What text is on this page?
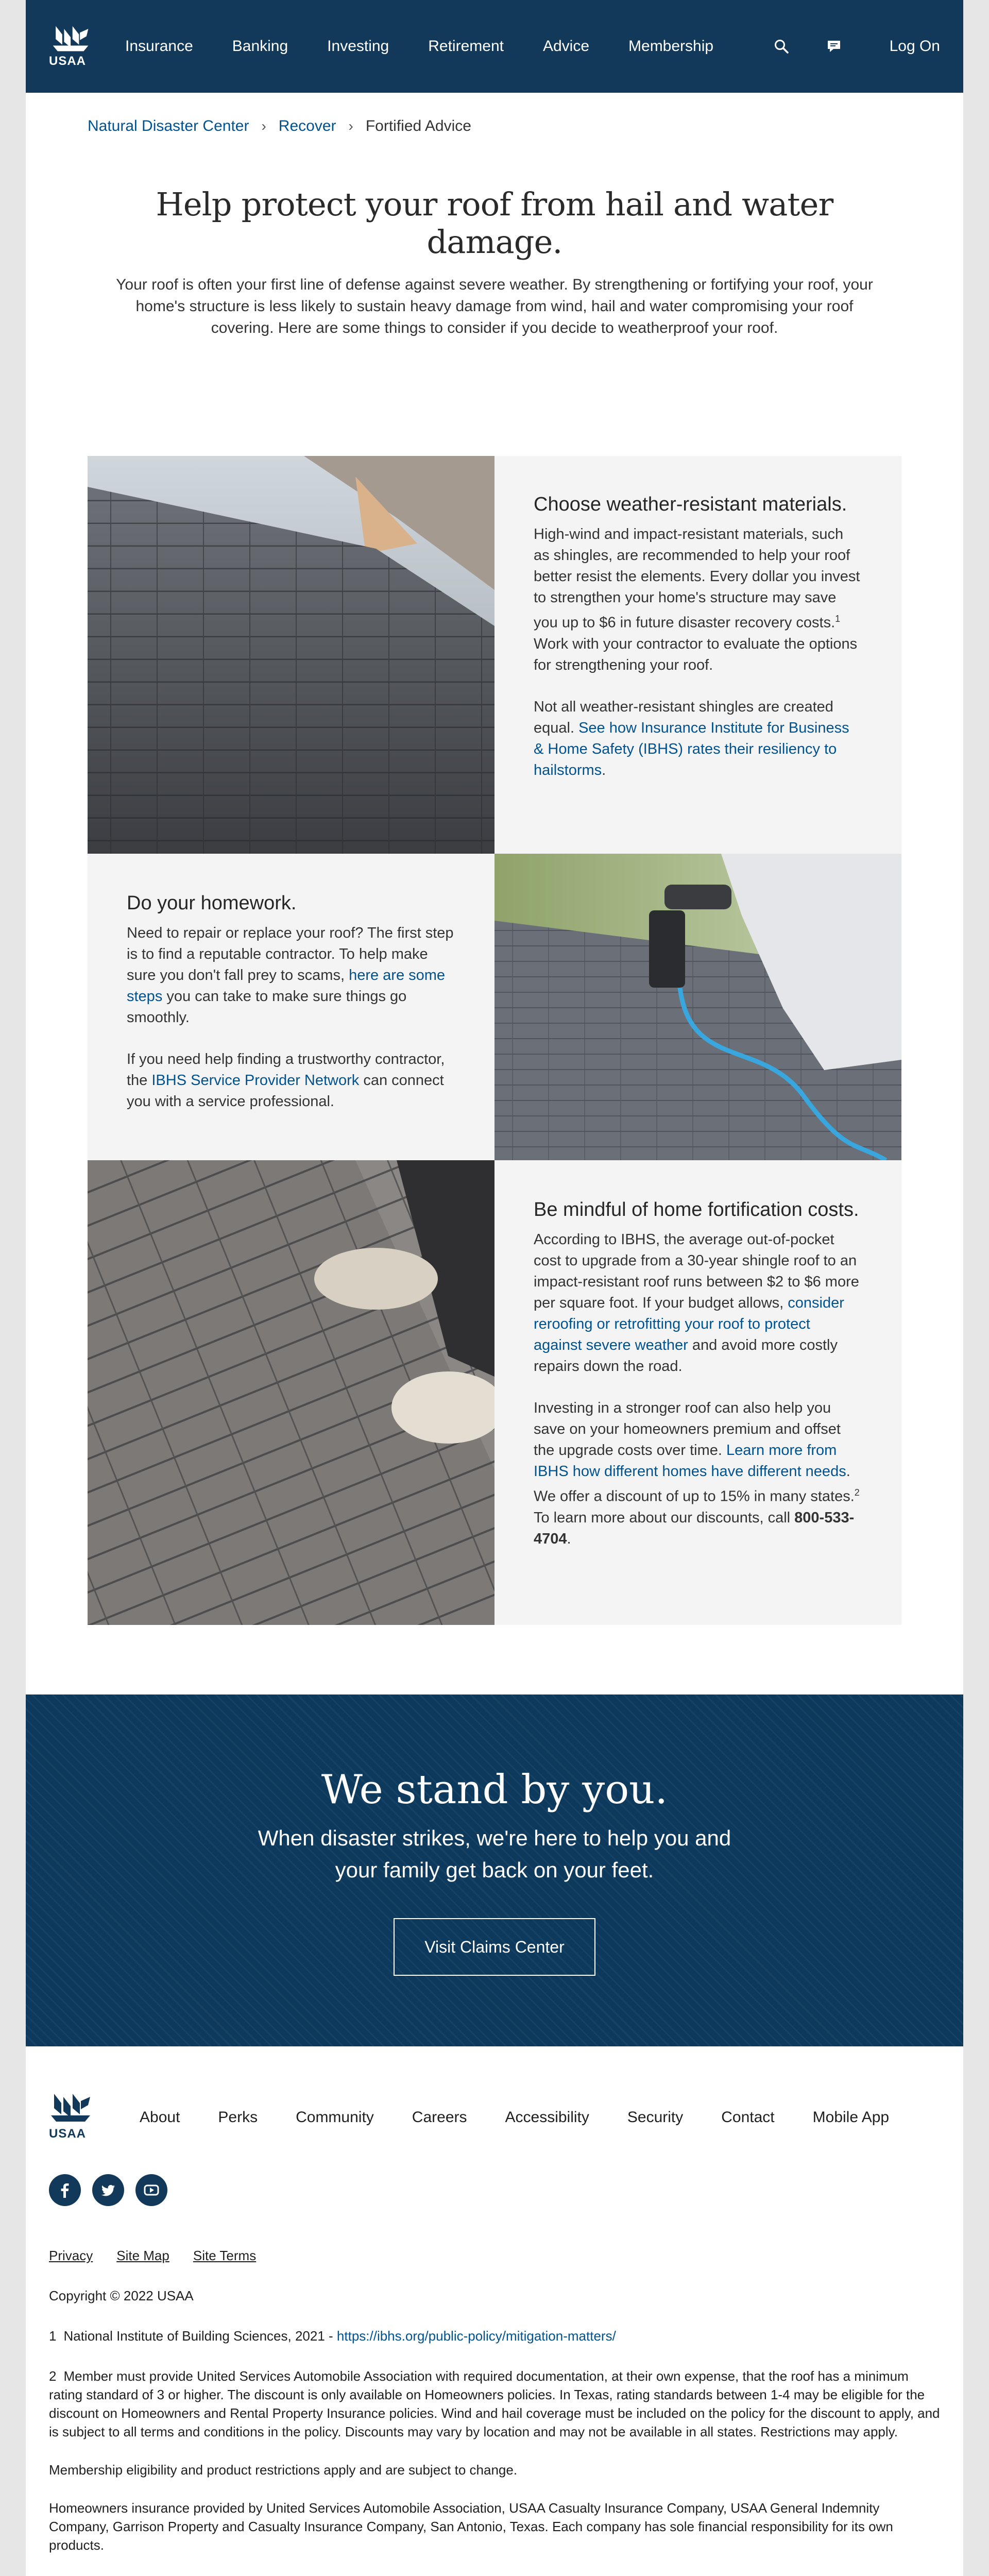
USAA
Insurance	Banking	Investing	Retirement	Advice	Membership	Log On
Natural Disaster Center › Recover › Fortified Advice
Help protect your roof from hail and water damage.

Your roof is often your first line of defense against severe weather. By strengthening or fortifying your roof, your home's structure is less likely to sustain heavy damage from wind, hail and water compromising your roof covering. Here are some things to consider if you decide to weatherproof your roof.

Choose weather-resistant materials.

High-wind and impact-resistant materials, such as shingles, are recommended to help your roof better resist the elements. Every dollar you invest to strengthen your home's structure may save you up to $6 in future disaster recovery costs.$^1$ Work with your contractor to evaluate the options for strengthening your roof.

Not all weather-resistant shingles are created equal. See how Insurance Institute for Business & Home Safety (IBHS) rates their resiliency to hailstorms.

Do your homework.

Need to repair or replace your roof? The first step is to find a reputable contractor. To help make sure you don't fall prey to scams, here are some steps you can take to make sure things go smoothly.

If you need help finding a trustworthy contractor, the IBHS Service Provider Network can connect you with a service professional.

Be mindful of home fortification costs.

According to IBHS, the average out-of-pocket cost to upgrade from a 30-year shingle roof to an impact-resistant roof runs between $2 to $6 more per square foot. If your budget allows, consider reroofing or retrofitting your roof to protect against severe weather and avoid more costly repairs down the road.

Investing in a stronger roof can also help you save on your homeowners premium and offset the upgrade costs over time. Learn more from IBHS how different homes have different needs. We offer a discount of up to 15% in many states.$^2$ To learn more about our discounts, call 800-533-4704.

We stand by you.

When disaster strikes, we're here to help you and your family get back on your feet.

Visit Claims Center
USAA
About Perks Community Careers Accessibility Security Contact Mobile App
Privacy Site Map Site Terms
Copyright © 2022 USAA
1 National Institute of Building Sciences, 2021 - https://ibhs.org/public-policy/mitigation-matters/
2 Member must provide United Services Automobile Association with required documentation, at their own expense, that the roof has a minimum rating standard of 3 or higher. The discount is only available on Homeowners policies. In Texas, rating standards between 1-4 may be eligible for the discount on Homeowners and Rental Property Insurance policies. Wind and hail coverage must be included on the policy for the discount to apply, and is subject to all terms and conditions in the policy. Discounts may vary by location and may not be available in all states. Restrictions may apply.
Membership eligibility and product restrictions apply and are subject to change.
Homeowners insurance provided by United Services Automobile Association, USAA Casualty Insurance Company, USAA General Indemnity Company, Garrison Property and Casualty Insurance Company, San Antonio, Texas. Each company has sole financial responsibility for its own products.
